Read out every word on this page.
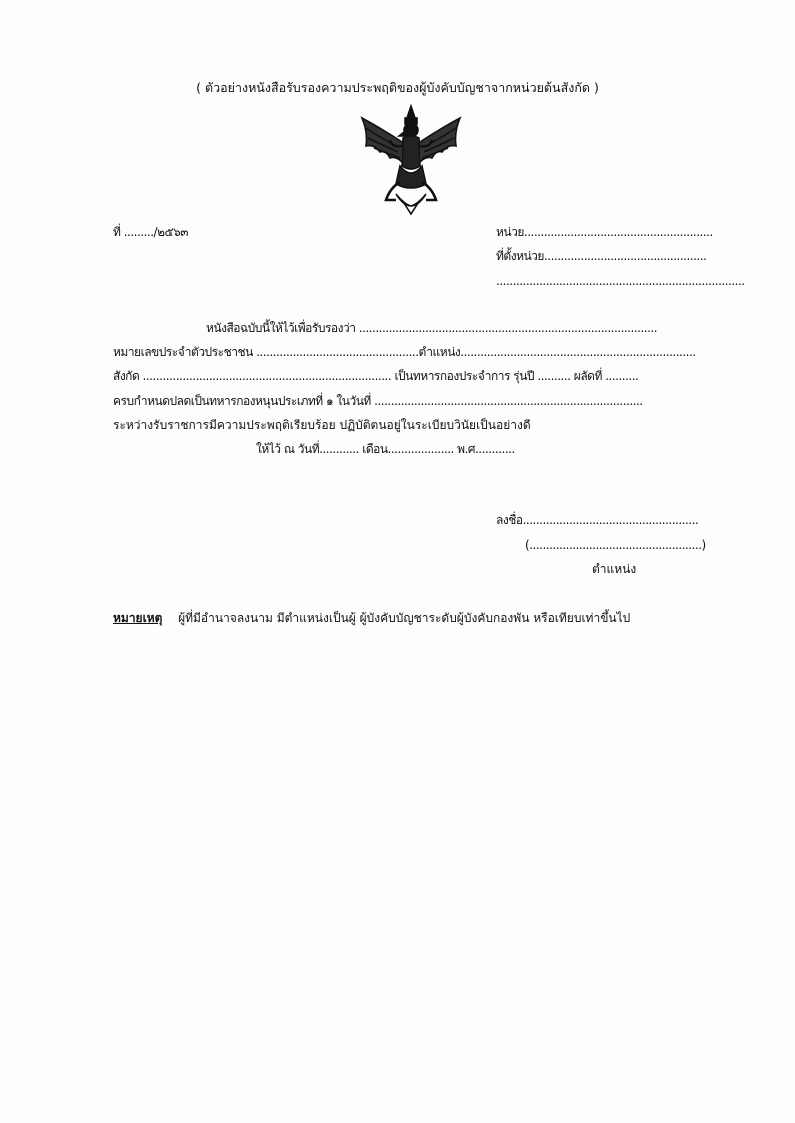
( ตัวอย่างหนังสือรับรองความประพฤติของผู้บังคับบัญชาจากหน่วยต้นสังกัด )
ที่ ........./๒๕๖๓	หน่วย.........................................................
ที่ตั้งหน่วย.................................................
...........................................................................
หนังสือฉบับนี้ให้ไว้เพื่อรับรองว่า ..........................................................................................
หมายเลขประจำตัวประชาชน .................................................ตำแหน่ง.......................................................................
สังกัด ........................................................................... เป็นทหารกองประจำการ รุ่นปี .......... ผลัดที่ ..........
ครบกำหนดปลดเป็นทหารกองหนุนประเภทที่ ๑ ในวันที่ .................................................................................
ระหว่างรับราชการมีความประพฤติเรียบร้อย ปฏิบัติตนอยู่ในระเบียบวินัยเป็นอย่างดี
ให้ไว้ ณ วันที่............ เดือน.................... พ.ศ............
ลงชื่อ.....................................................
(....................................................)
ตำแหน่ง
หมายเหตุ ผู้ที่มีอำนาจลงนาม มีตำแหน่งเป็นผู้ ผู้บังคับบัญชาระดับผู้บังคับกองพัน หรือเทียบเท่าขึ้นไป
